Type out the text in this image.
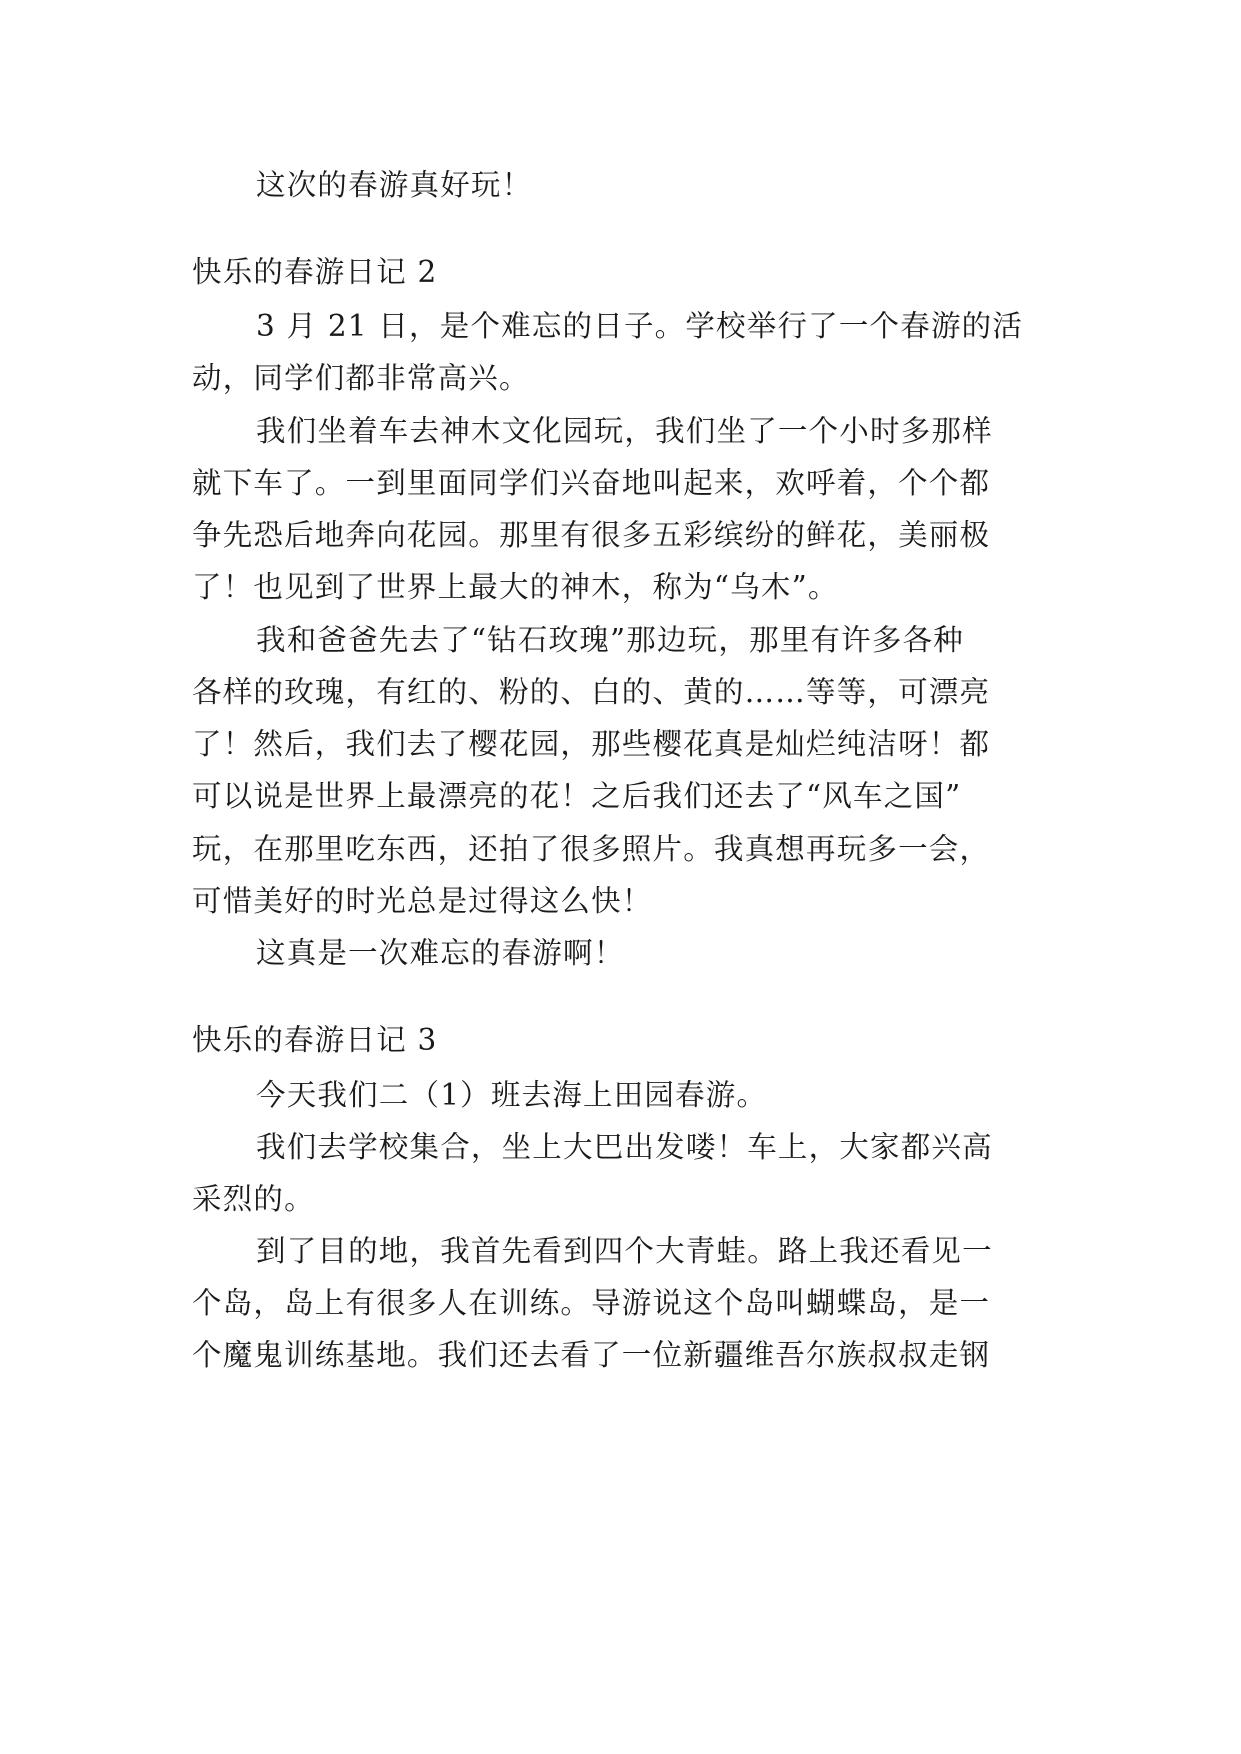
这次的春游真好玩！
快乐的春游日记 2
3 月 21 日，是个难忘的日子。学校举行了一个春游的活
动，同学们都非常高兴。
我们坐着车去神木文化园玩，我们坐了一个小时多那样
就下车了。一到里面同学们兴奋地叫起来，欢呼着，个个都
争先恐后地奔向花园。那里有很多五彩缤纷的鲜花，美丽极
了！也见到了世界上最大的神木，称为“乌木”。
我和爸爸先去了“钻石玫瑰”那边玩，那里有许多各种
各样的玫瑰，有红的、粉的、白的、黄的……等等，可漂亮
了！然后，我们去了樱花园，那些樱花真是灿烂纯洁呀！都
可以说是世界上最漂亮的花！之后我们还去了“风车之国”
玩，在那里吃东西，还拍了很多照片。我真想再玩多一会，
可惜美好的时光总是过得这么快！
这真是一次难忘的春游啊！
快乐的春游日记 3
今天我们二（1）班去海上田园春游。
我们去学校集合，坐上大巴出发喽！车上，大家都兴高
采烈的。
到了目的地，我首先看到四个大青蛙。路上我还看见一
个岛，岛上有很多人在训练。导游说这个岛叫蝴蝶岛，是一
个魔鬼训练基地。我们还去看了一位新疆维吾尔族叔叔走钢
